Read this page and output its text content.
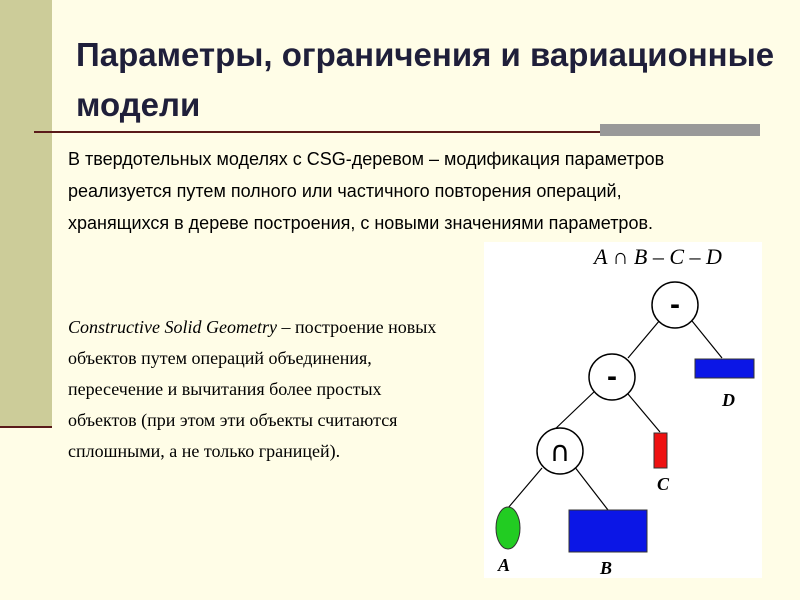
Параметры, ограничения и вариационные модели
В твердотельных моделях с CSG-деревом – модификация параметров реализуется путем полного или частичного повторения операций, хранящихся в дереве построения, с новыми значениями параметров.
Constructive Solid Geometry – построение новых объектов путем операций объединения, пересечение и вычитания более простых объектов (при этом эти объекты считаются сплошными, а не только границей).
A ∩ B – C – D
-
-
∩
D
C
A	B
